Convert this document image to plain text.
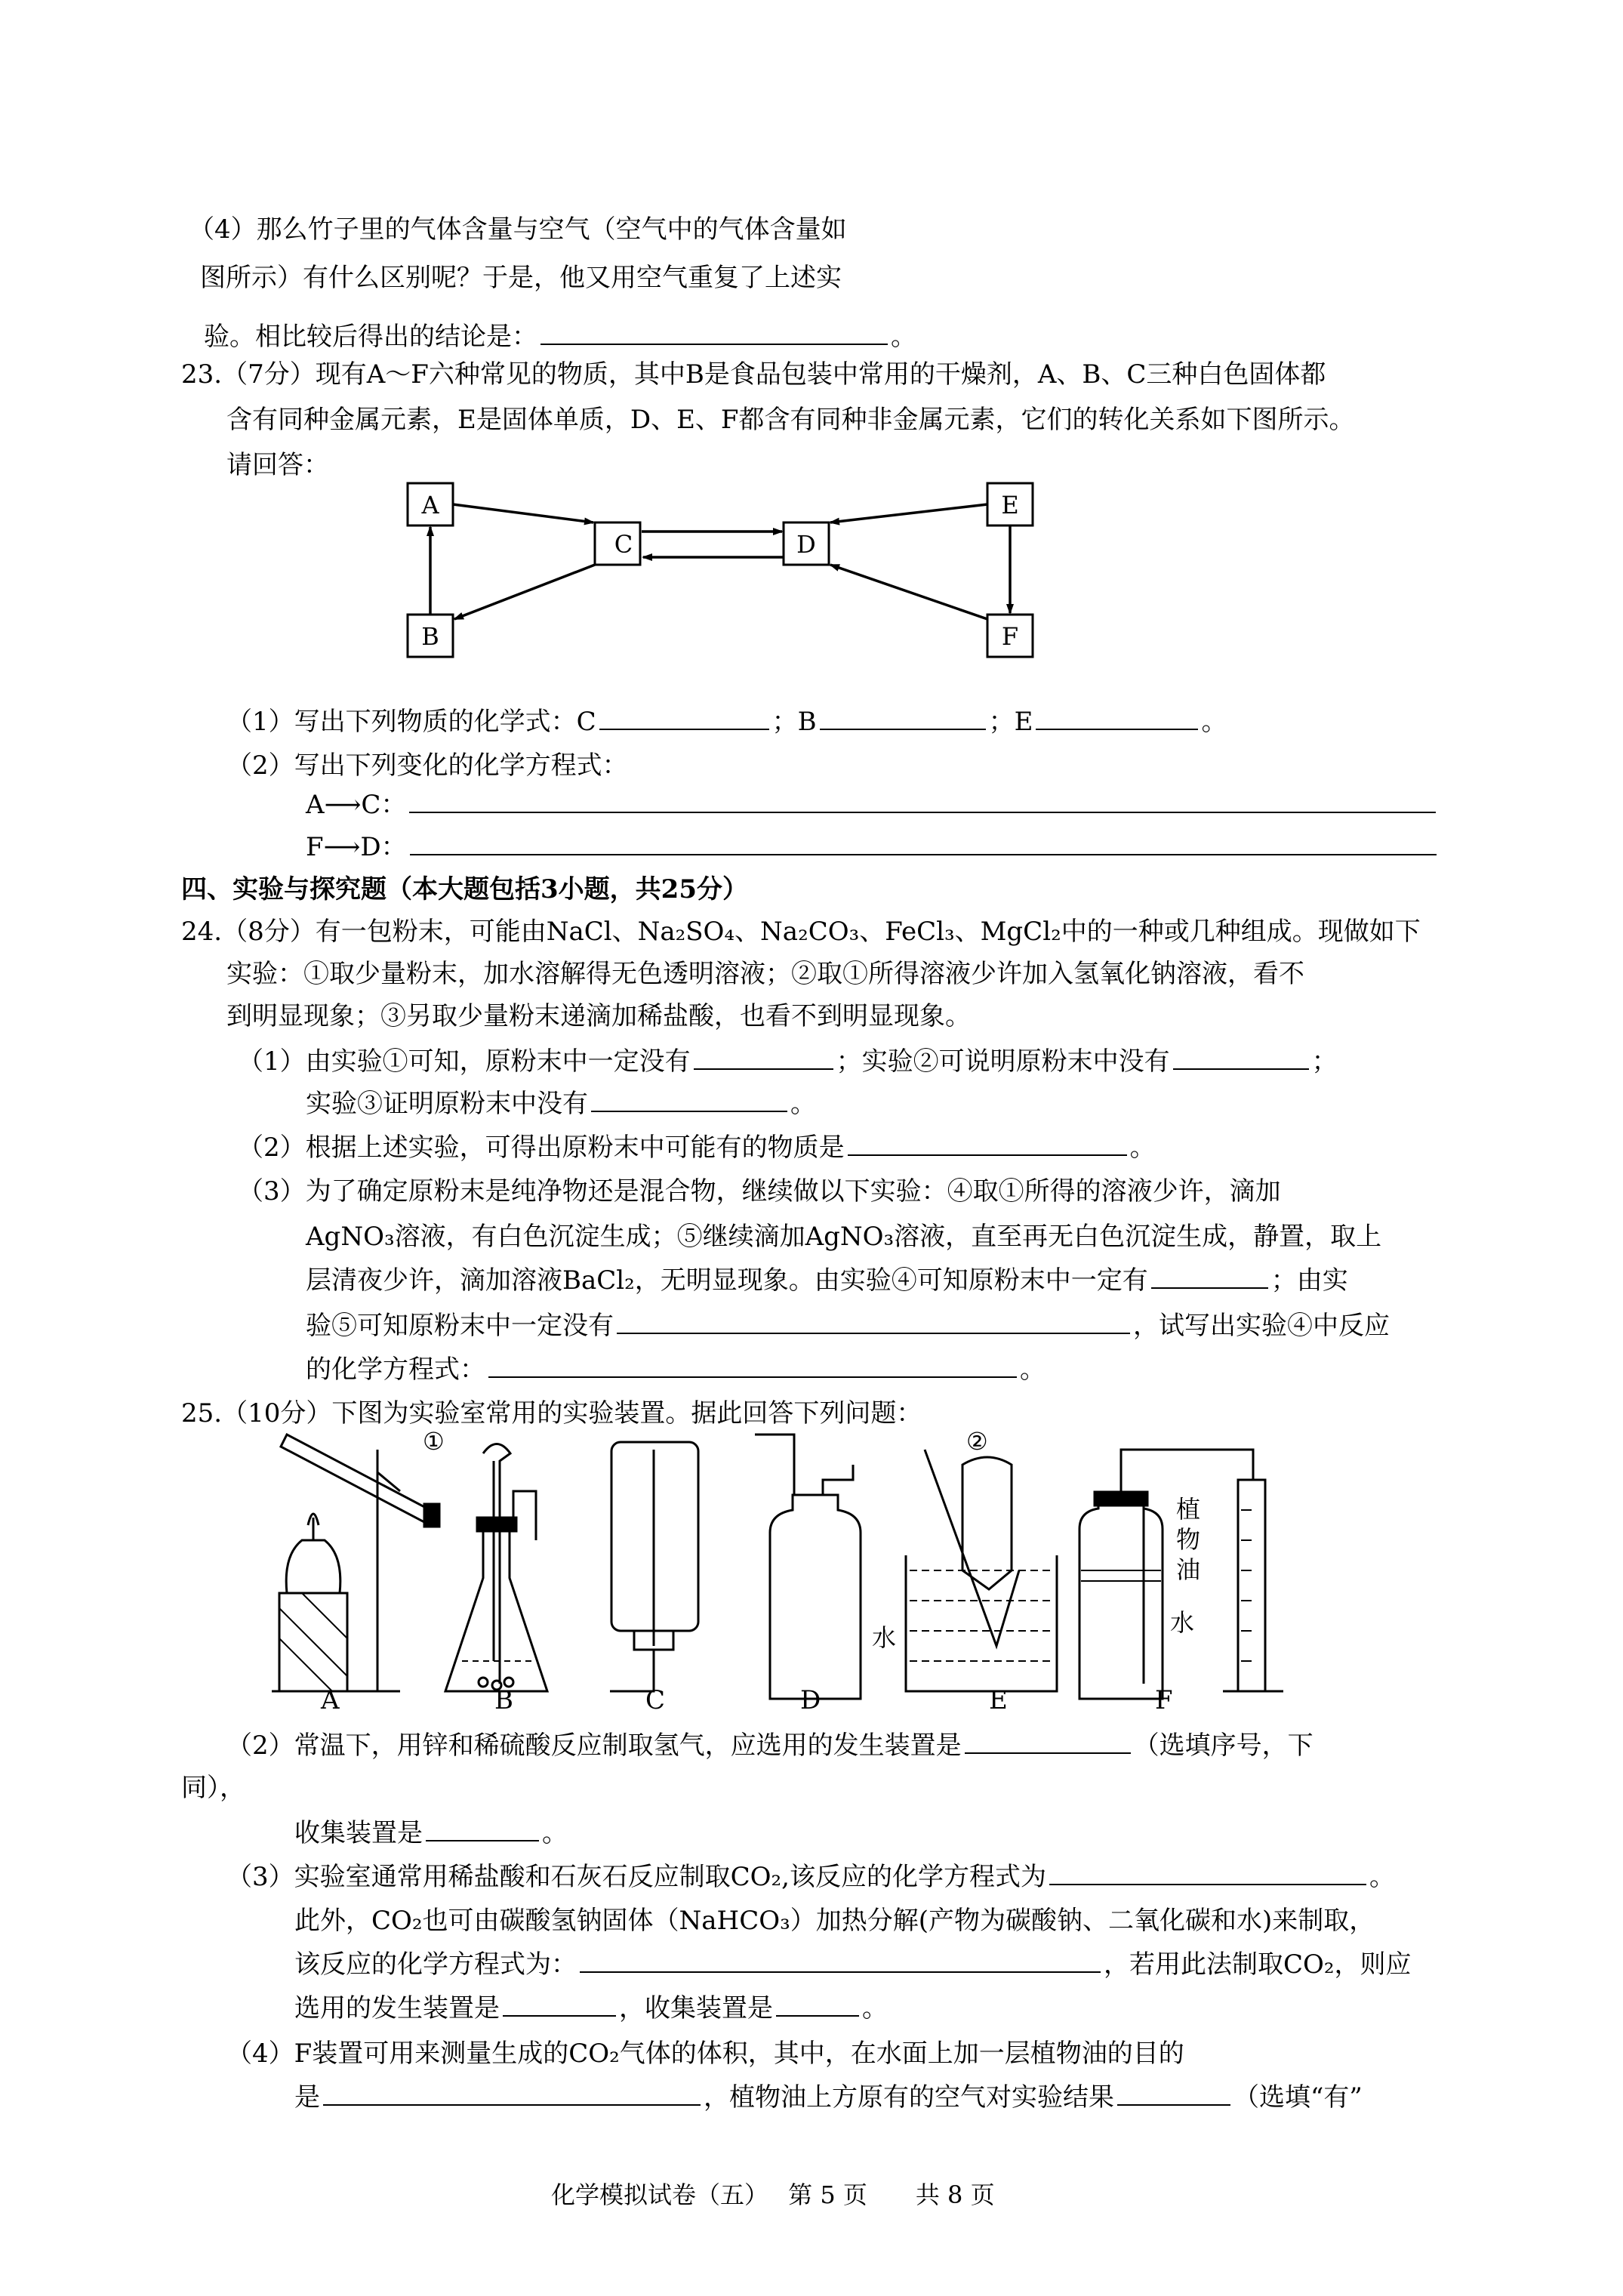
（4）那么竹子里的气体含量与空气（空气中的气体含量如
图所示）有什么区别呢？于是，他又用空气重复了上述实
验。相比较后得出的结论是：	。
23.（7分）现有A～F六种常见的物质，其中B是食品包装中常用的干燥剂，A、B、C三种白色固体都
含有同种金属元素，E是固体单质，D、E、F都含有同种非金属元素，它们的转化关系如下图所示。
请回答：
A
B
C	D
E
F
（1）写出下列物质的化学式：C	；B	；E	。
（2）写出下列变化的化学方程式：
A⟶C：
F⟶D：
四、实验与探究题（本大题包括3小题，共25分）
24.（8分）有一包粉末，可能由NaCl、Na₂SO₄、Na₂CO₃、FeCl₃、MgCl₂中的一种或几种组成。现做如下
实验：①取少量粉末，加水溶解得无色透明溶液；②取①所得溶液少许加入氢氧化钠溶液，看不
到明显现象；③另取少量粉末递滴加稀盐酸，也看不到明显现象。
（1）由实验①可知，原粉末中一定没有	；实验②可说明原粉末中没有	；
实验③证明原粉末中没有	。
（2）根据上述实验，可得出原粉末中可能有的物质是	。
（3）为了确定原粉末是纯净物还是混合物，继续做以下实验：④取①所得的溶液少许，滴加
AgNO₃溶液，有白色沉淀生成；⑤继续滴加AgNO₃溶液，直至再无白色沉淀生成，静置，取上
层清夜少许，滴加溶液BaCl₂，无明显现象。由实验④可知原粉末中一定有	；由实
验⑤可知原粉末中一定没有	，试写出实验④中反应
的化学方程式：	。
25.（10分）下图为实验室常用的实验装置。据此回答下列问题：
①	②
水
水
植
物
油
A	B	C	D	E	F
（2）常温下，用锌和稀硫酸反应制取氢气，应选用的发生装置是	（选填序号，下
同），
收集装置是	。
（3）实验室通常用稀盐酸和石灰石反应制取CO₂,该反应的化学方程式为	。
此外，CO₂也可由碳酸氢钠固体（NaHCO₃）加热分解(产物为碳酸钠、二氧化碳和水)来制取，
该反应的化学方程式为：	，若用此法制取CO₂，则应
选用的发生装置是	，收集装置是	。
（4）F装置可用来测量生成的CO₂气体的体积，其中，在水面上加一层植物油的目的
是	，植物油上方原有的空气对实验结果	（选填“有”
化学模拟试卷（五）　 第 5 页　　共 8 页
